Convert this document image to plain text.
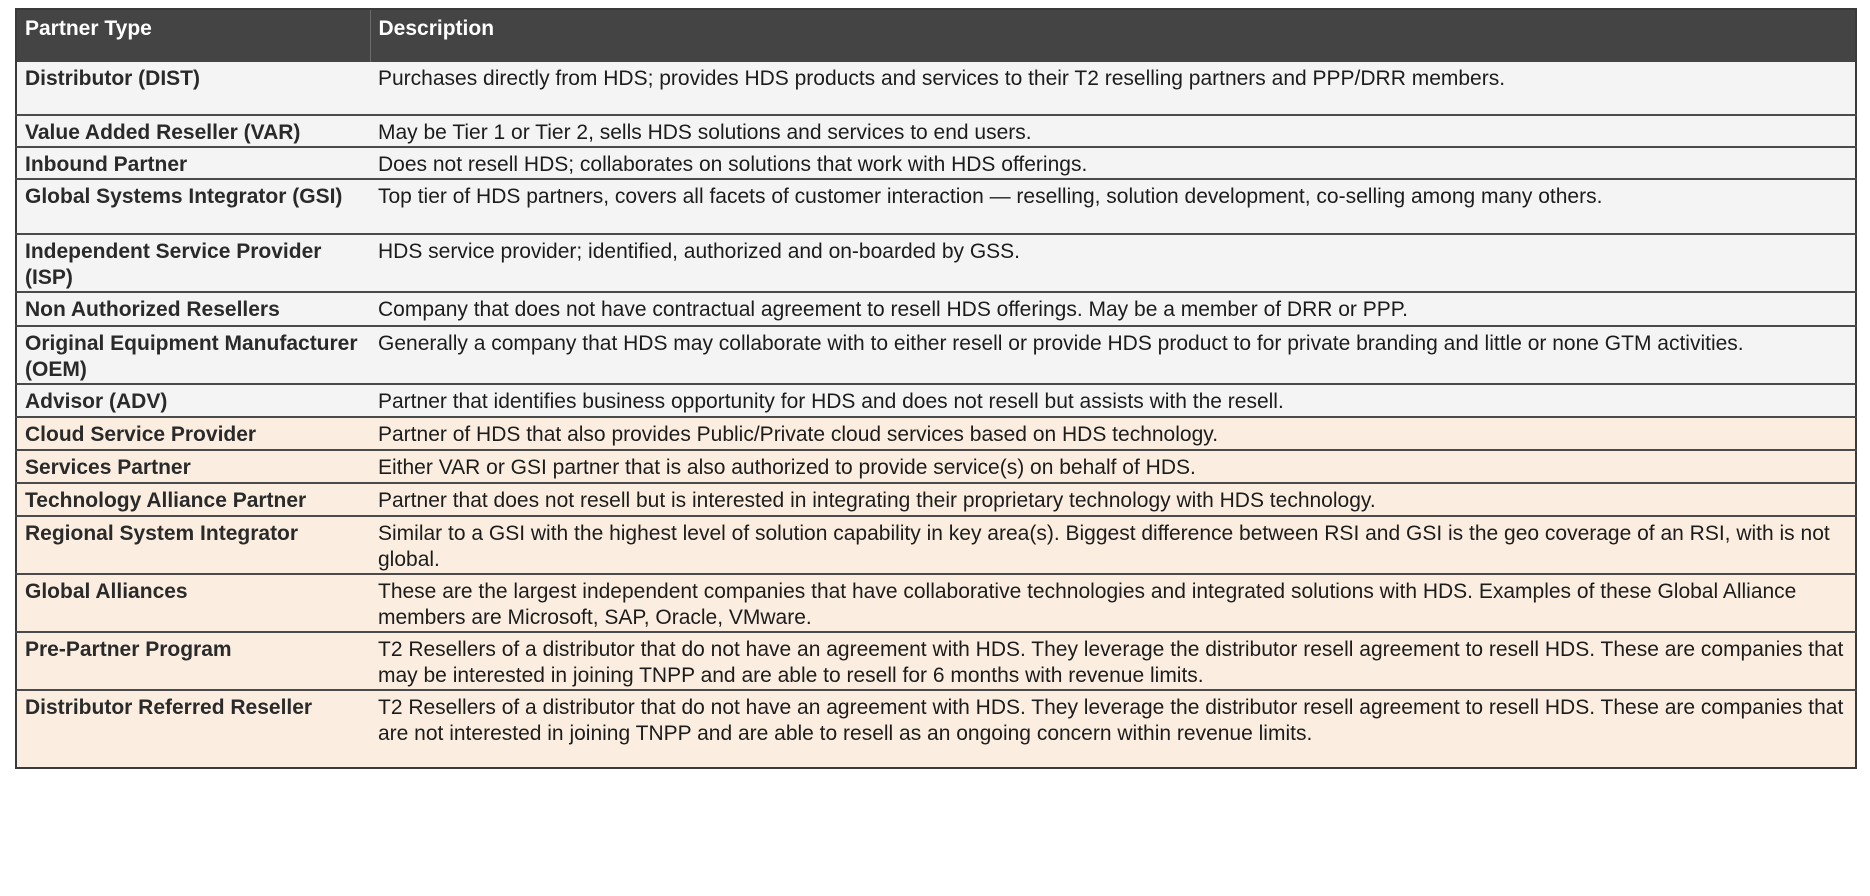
Partner Type	Description
Distributor (DIST)	Purchases directly from HDS; provides HDS products and services to their T2 reselling partners and PPP/DRR members.
Value Added Reseller (VAR)	May be Tier 1 or Tier 2, sells HDS solutions and services to end users.
Inbound Partner	Does not resell HDS; collaborates on solutions that work with HDS offerings.
Global Systems Integrator (GSI)	Top tier of HDS partners, covers all facets of customer interaction — reselling, solution development, co-selling among many others.
Independent Service Provider (ISP)	HDS service provider; identified, authorized and on-boarded by GSS.
Non Authorized Resellers	Company that does not have contractual agreement to resell HDS offerings. May be a member of DRR or PPP.
Original Equipment Manufacturer (OEM)	Generally a company that HDS may collaborate with to either resell or provide HDS product to for private branding and little or none GTM activities.
Advisor (ADV)	Partner that identifies business opportunity for HDS and does not resell but assists with the resell.
Cloud Service Provider	Partner of HDS that also provides Public/Private cloud services based on HDS technology.
Services Partner	Either VAR or GSI partner that is also authorized to provide service(s) on behalf of HDS.
Technology Alliance Partner	Partner that does not resell but is interested in integrating their proprietary technology with HDS technology.
Regional System Integrator	Similar to a GSI with the highest level of solution capability in key area(s). Biggest difference between RSI and GSI is the geo coverage of an RSI, with is not global.
Global Alliances	These are the largest independent companies that have collaborative technologies and integrated solutions with HDS. Examples of these Global Alliance members are Microsoft, SAP, Oracle, VMware.
Pre-Partner Program	T2 Resellers of a distributor that do not have an agreement with HDS. They leverage the distributor resell agreement to resell HDS. These are companies that may be interested in joining TNPP and are able to resell for 6 months with revenue limits.
Distributor Referred Reseller	T2 Resellers of a distributor that do not have an agreement with HDS. They leverage the distributor resell agreement to resell HDS. These are companies that are not interested in joining TNPP and are able to resell as an ongoing concern within revenue limits.
